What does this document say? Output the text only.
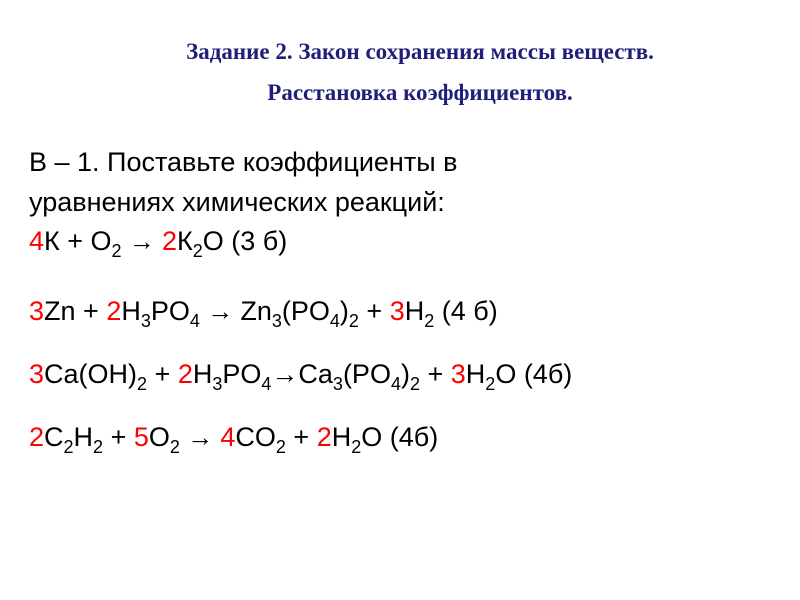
Задание 2. Закон сохранения массы веществ.
Расстановка коэффициентов.
В – 1. Поставьте коэффициенты в
уравнениях химических реакций:
$4К + О_2 \to 2К_2О$ (3 б)
$3Zn + 2H_3PO_4 \to Zn_3(PO_4)_2 + 3H_2$ (4 б)
$3Ca(OH)_2 + 2H_3PO_4\to Ca_3(PO_4)_2 + 3H_2O$ (4б)
$2C_2H_2 + 5O_2 \to 4CO_2 + 2H_2O$ (4б)
